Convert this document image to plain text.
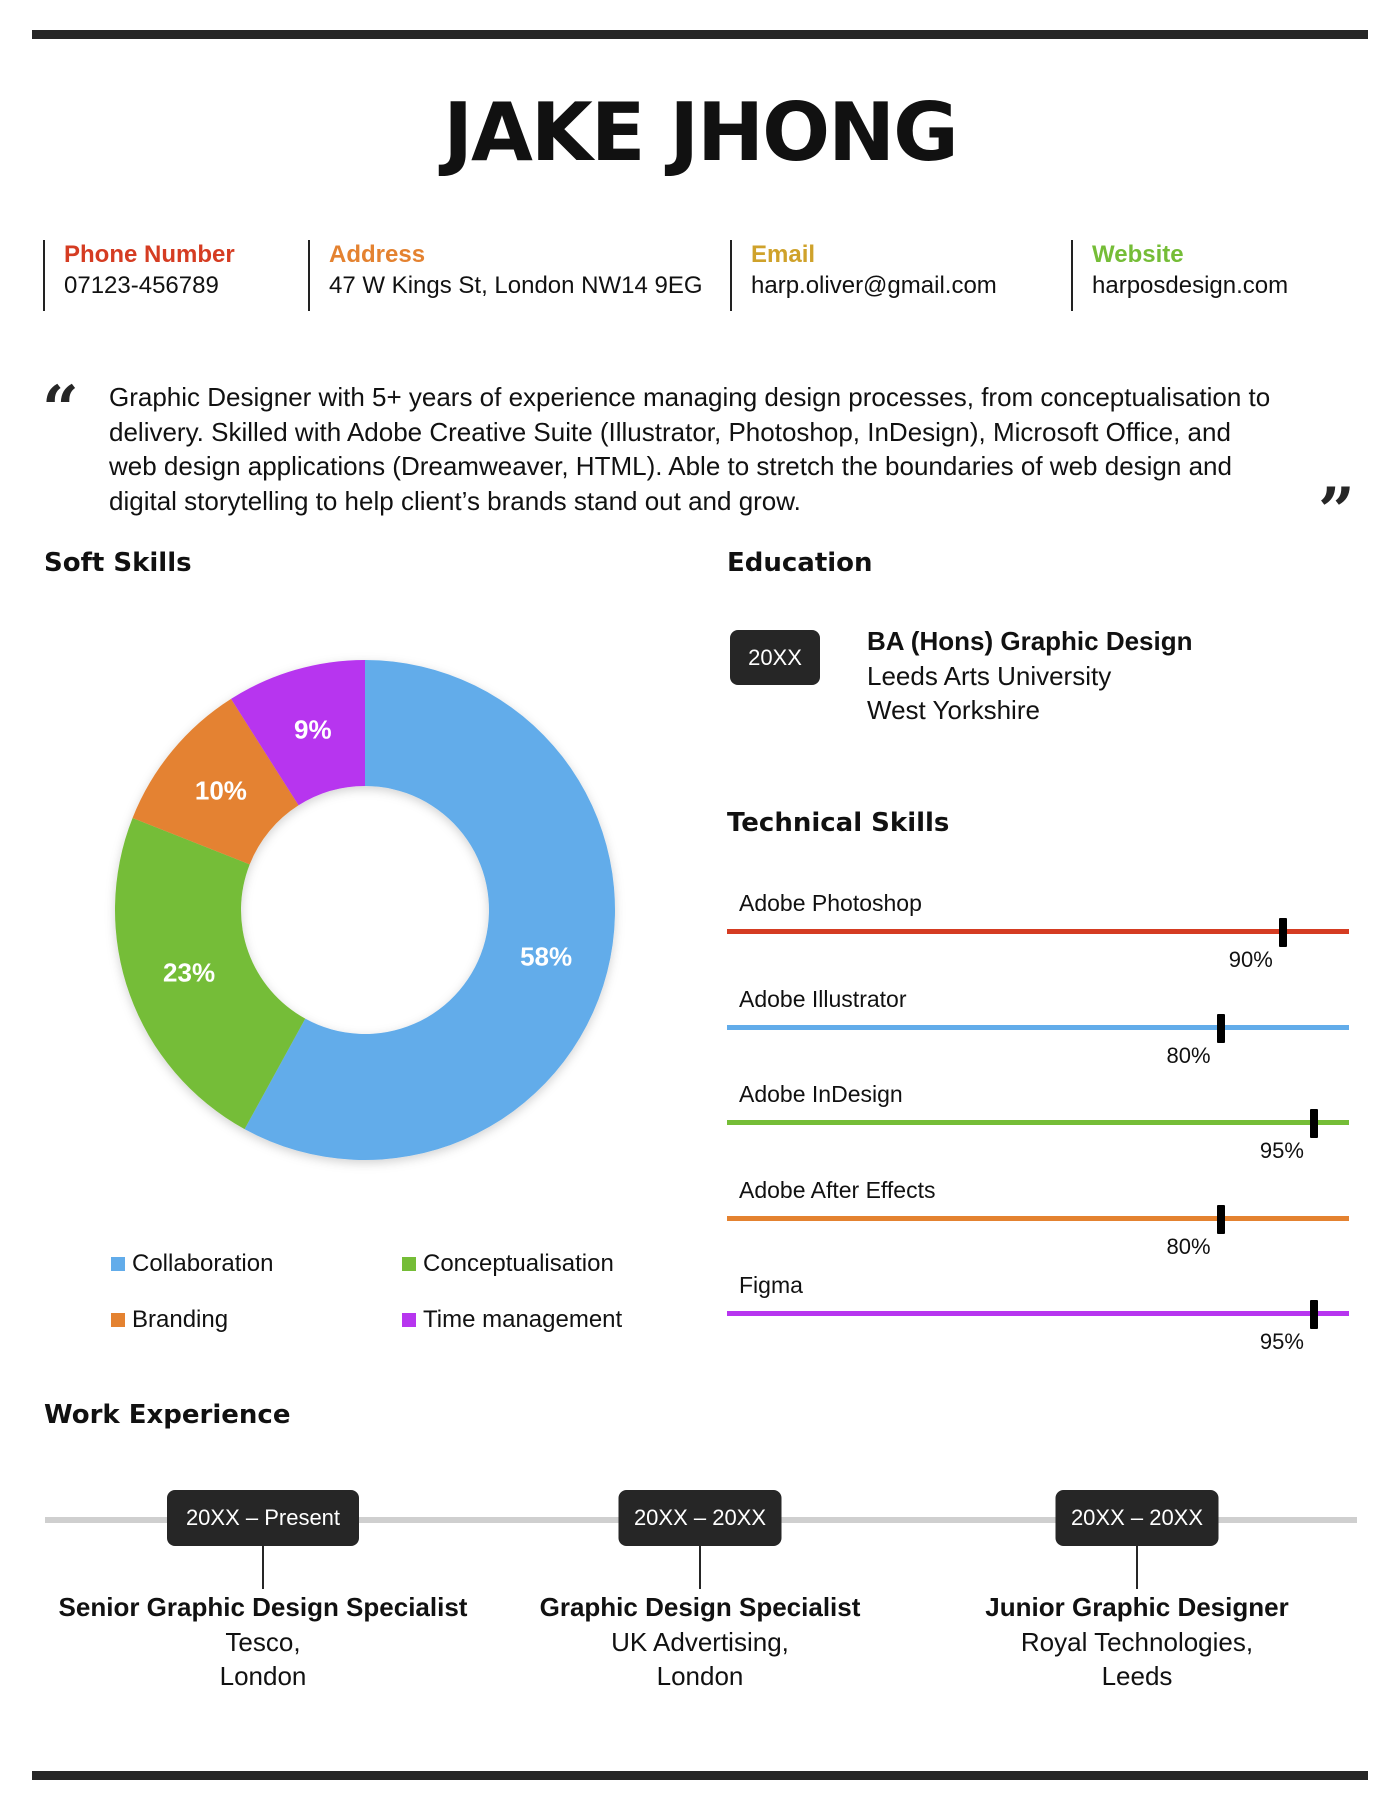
JAKE JHONG
Phone Number
07123-456789
Address
47 W Kings St, London NW14 9EG
Email
harp.oliver@gmail.com
Website
harposdesign.com
“ Graphic Designer with 5+ years of experience managing design processes, from conceptualisation to
delivery. Skilled with Adobe Creative Suite (Illustrator, Photoshop, InDesign), Microsoft Office, and
web design applications (Dreamweaver, HTML). Able to stretch the boundaries of web design and
digital storytelling to help client’s brands stand out and grow.	”
Soft Skills
58%
23%
10%
9%
Collaboration	Conceptualisation
Branding	Time management
Education
20XX
BA (Hons) Graphic Design
Leeds Arts University
West Yorkshire
Technical Skills
Adobe Photoshop
90%
Adobe Illustrator
80%
Adobe InDesign
95%
Adobe After Effects
80%
Figma
95%
Work Experience
20XX – Present
Senior Graphic Design Specialist
Tesco,
London
20XX – 20XX
Graphic Design Specialist
UK Advertising,
London
20XX – 20XX
Junior Graphic Designer
Royal Technologies,
Leeds
